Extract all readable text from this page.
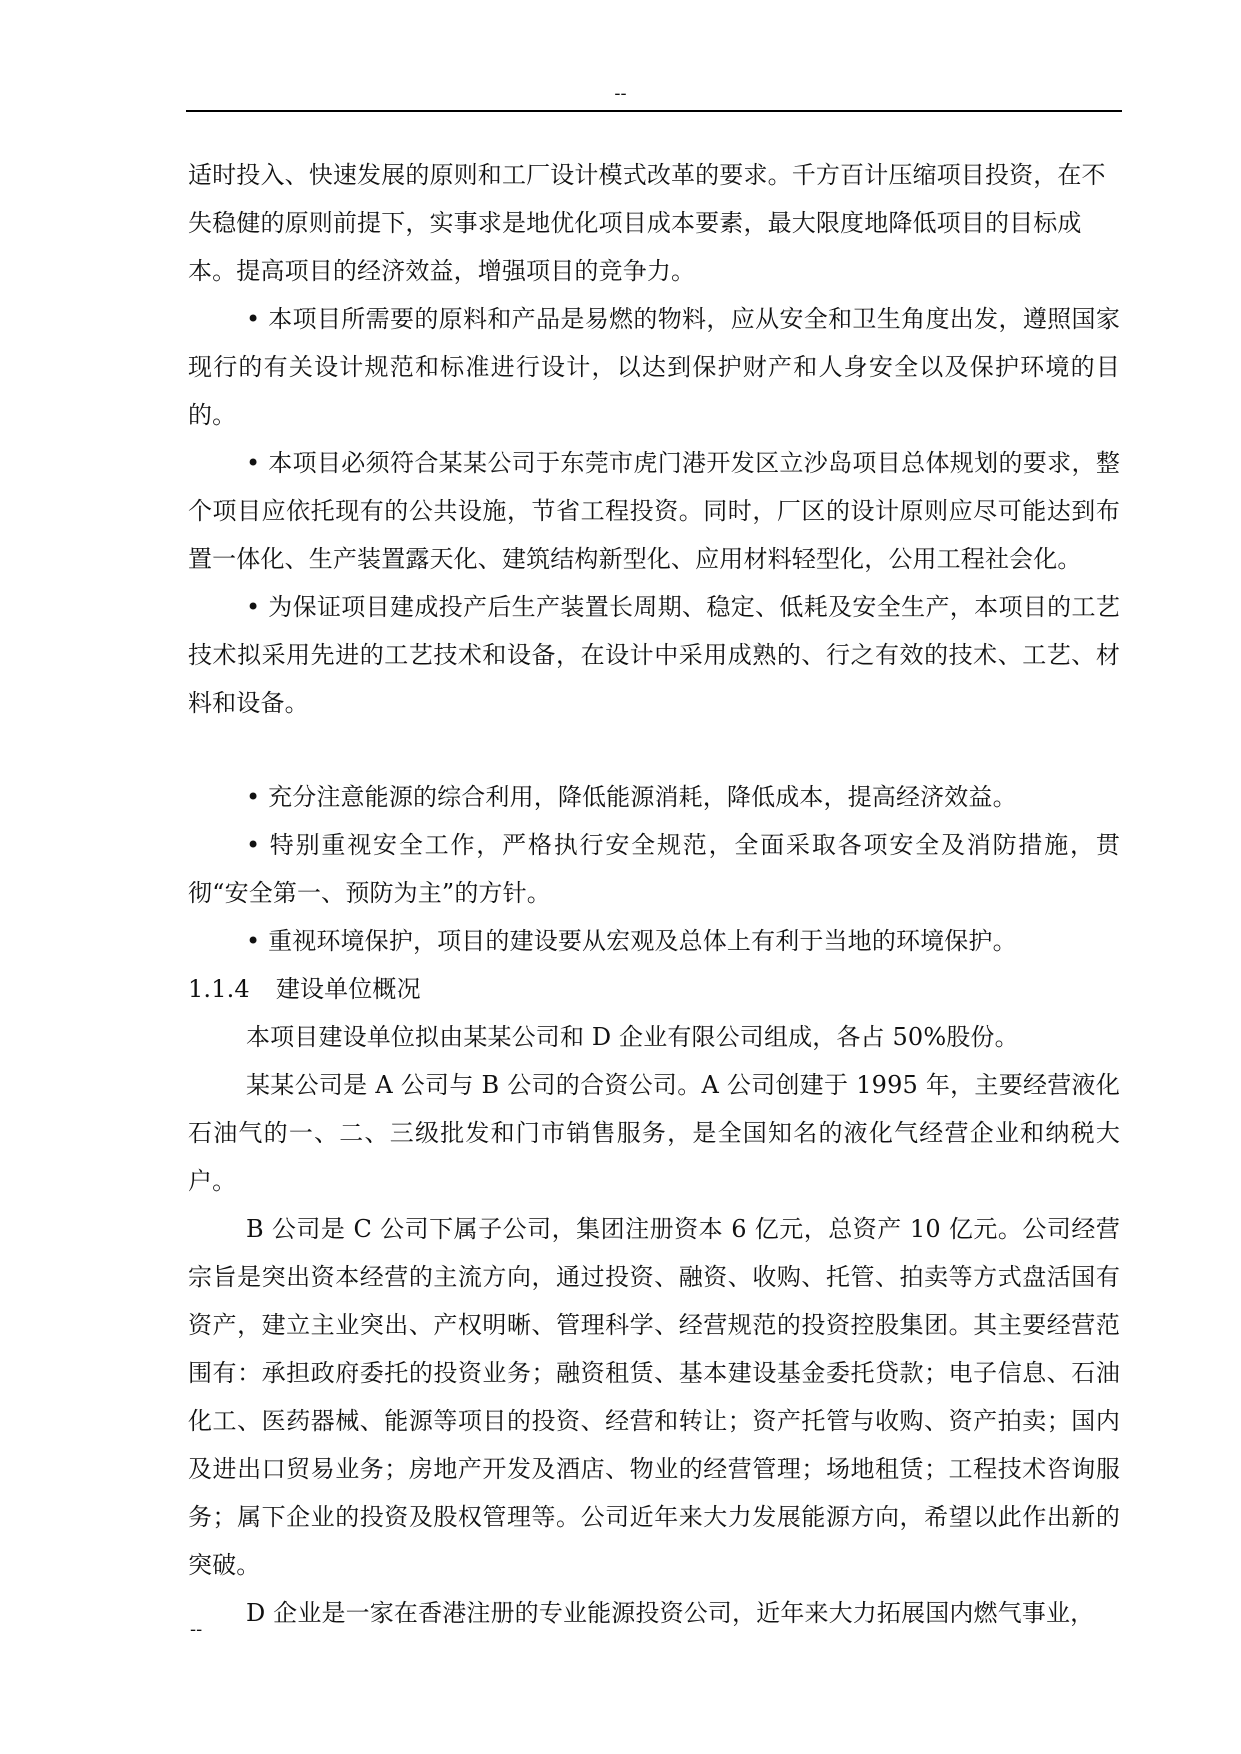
--

适时投入、快速发展的原则和工厂设计模式改革的要求。千方百计压缩项目投资，在不失稳健的原则前提下，实事求是地优化项目成本要素，最大限度地降低项目的目标成本。提高项目的经济效益，增强项目的竞争力。

• 本项目所需要的原料和产品是易燃的物料，应从安全和卫生角度出发，遵照国家现行的有关设计规范和标准进行设计，以达到保护财产和人身安全以及保护环境的目的。

• 本项目必须符合某某公司于东莞市虎门港开发区立沙岛项目总体规划的要求，整个项目应依托现有的公共设施，节省工程投资。同时，厂区的设计原则应尽可能达到布置一体化、生产装置露天化、建筑结构新型化、应用材料轻型化，公用工程社会化。

• 为保证项目建成投产后生产装置长周期、稳定、低耗及安全生产，本项目的工艺技术拟采用先进的工艺技术和设备，在设计中采用成熟的、行之有效的技术、工艺、材料和设备。

• 充分注意能源的综合利用，降低能源消耗，降低成本，提高经济效益。

• 特别重视安全工作，严格执行安全规范，全面采取各项安全及消防措施，贯彻“安全第一、预防为主”的方针。

• 重视环境保护，项目的建设要从宏观及总体上有利于当地的环境保护。

1.1.4 建设单位概况

本项目建设单位拟由某某公司和 D 企业有限公司组成，各占 50%股份。

某某公司是 A 公司与 B 公司的合资公司。A 公司创建于 1995 年，主要经营液化石油气的一、二、三级批发和门市销售服务，是全国知名的液化气经营企业和纳税大户。

B 公司是 C 公司下属子公司，集团注册资本 6 亿元，总资产 10 亿元。公司经营宗旨是突出资本经营的主流方向，通过投资、融资、收购、托管、拍卖等方式盘活国有资产，建立主业突出、产权明晰、管理科学、经营规范的投资控股集团。其主要经营范围有：承担政府委托的投资业务；融资租赁、基本建设基金委托贷款；电子信息、石油化工、医药器械、能源等项目的投资、经营和转让；资产托管与收购、资产拍卖；国内及进出口贸易业务；房地产开发及酒店、物业的经营管理；场地租赁；工程技术咨询服务；属下企业的投资及股权管理等。公司近年来大力发展能源方向，希望以此作出新的突破。

D 企业是一家在香港注册的专业能源投资公司，近年来大力拓展国内燃气事业，

--
